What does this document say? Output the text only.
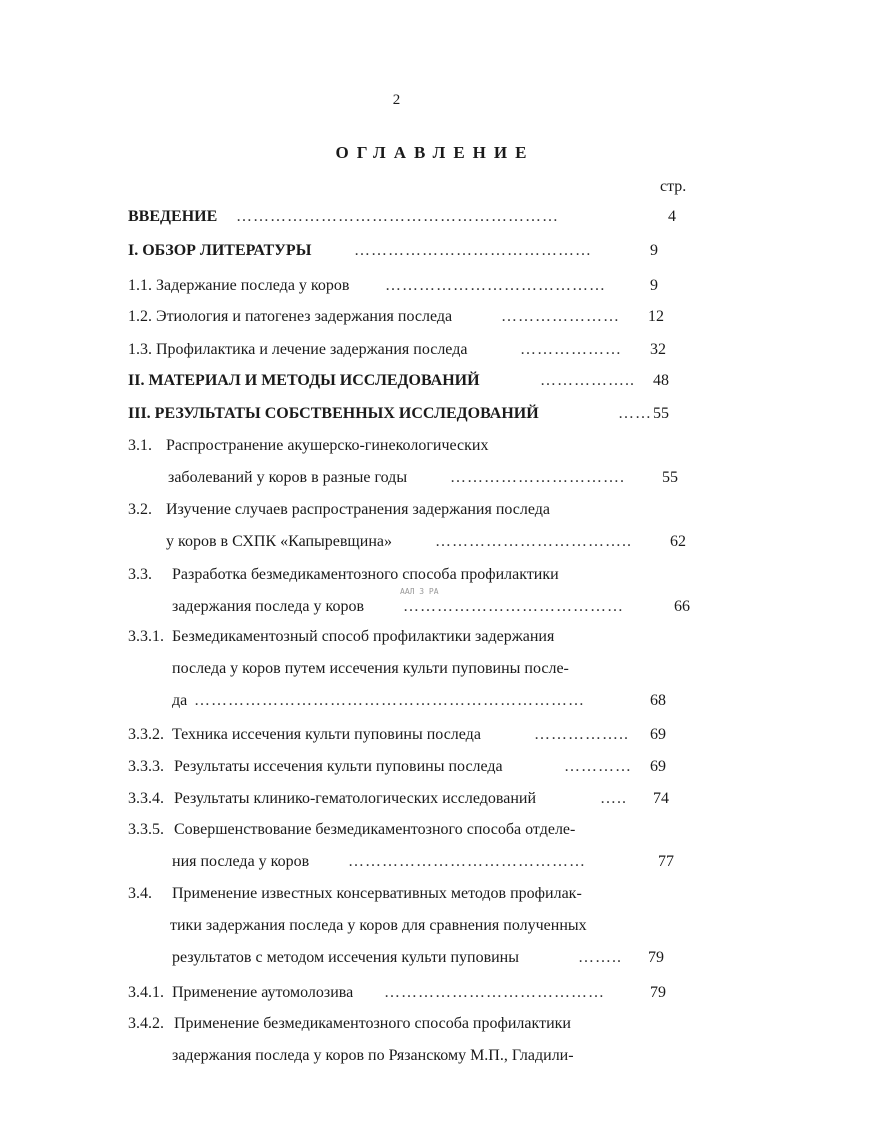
2
ОГЛАВЛЕНИЕ
стр.
ВВЕДЕНИЕ …………………………………………………	4
I. ОБЗОР ЛИТЕРАТУРЫ	……………………………………	9
1.1. Задержание последа у коров …………………………………	9
1.2. Этиология и патогенез задержания последа	…………………	12
1.3. Профилактика и лечение задержания последа	………………	32
II. МАТЕРИАЛ И МЕТОДЫ ИССЛЕДОВАНИЙ	……………..	48
III. РЕЗУЛЬТАТЫ СОБСТВЕННЫХ ИССЛЕДОВАНИЙ	…… 55
3.1. Распространение акушерско-гинекологических
заболеваний у коров в разные годы	………………………….	55
3.2. Изучение случаев распространения задержания последа
у коров в СХПК «Капыревщина»	……………………………..	62
3.3. Разработка безмедикаментозного способа профилактики
задержания последа у коров …………………………………	66
ААЛ 3 РА
3.3.1. Безмедикаментозный способ профилактики задержания
последа у коров путем иссечения культи пуповины после-
да ……………………………………………………………	68
3.3.2. Техника иссечения культи пуповины последа	……………..	69
3.3.3. Результаты иссечения культи пуповины последа	………… 69
3.3.4. Результаты клинико-гематологических исследований	…..	74
3.3.5. Совершенствование безмедикаментозного способа отделе-
ния последа у коров ……………………………………	77
3.4. Применение известных консервативных методов профилак-
тики задержания последа у коров для сравнения полученных
результатов с методом иссечения культи пуповины	……..	79
3.4.1. Применение аутомолозива …………………………………	79
3.4.2. Применение безмедикаментозного способа профилактики
задержания последа у коров по Рязанскому М.П., Гладили-
